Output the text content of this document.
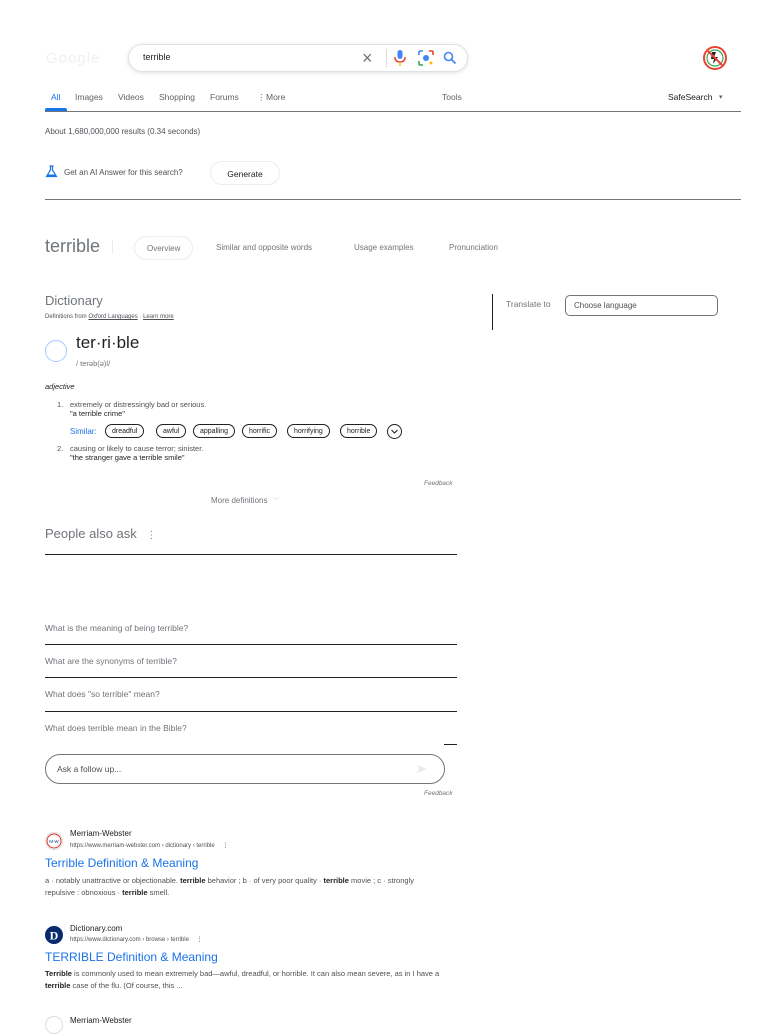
Google	terrible	×
All Images Videos Shopping Forums ⋮ More	Tools	SafeSearch ▾
About 1,680,000,000 results (0.34 seconds)
Get an AI Answer for this search?	Generate
terrible	Overview	Similar and opposite words	Usage examples	Pronunciation
Dictionary
Definitions from Oxford Languages · Learn more
Translate to	Choose language
ter·ri·ble
/ terəb(ə)l/
adjective
1. extremely or distressingly bad or serious.
"a terrible crime"
Similar:	dreadful	awful	appalling	horrific	horrifying	horrible
2. causing or likely to cause terror; sinister.
"the stranger gave a terrible smile"
Feedback
More definitions ﹀
People also ask ⋮
What is the meaning of being terrible?
What are the synonyms of terrible?
What does "so terrible" mean?
What does terrible mean in the Bible?
Ask a follow up...
Feedback
M-W
Merriam-Webster
https://www.merriam-webster.com › dictionary › terrible ⋮
Terrible Definition & Meaning
a · notably unattractive or objectionable. terrible behavior ; b · of very poor quality · terrible movie ; c · strongly repulsive : obnoxious · terrible smell.
D Dictionary.com
https://www.dictionary.com › browse › terrible ⋮
TERRIBLE Definition & Meaning
Terrible is commonly used to mean extremely bad—awful, dreadful, or horrible. It can also mean severe, as in I have a terrible case of the flu. (Of course, this ...
Merriam-Webster
